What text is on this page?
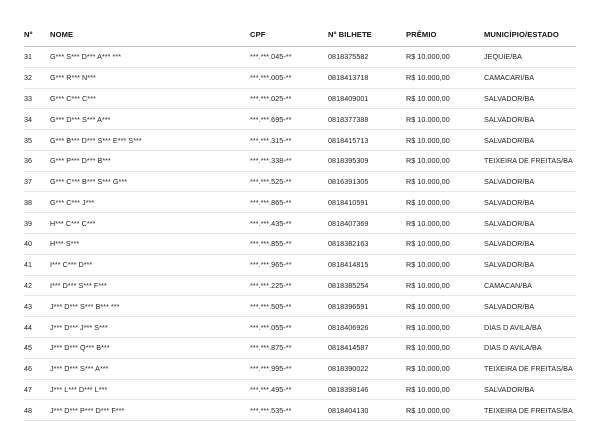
Nº	NOME	CPF	Nº BILHETE	PRÊMIO	MUNICÍPIO/ESTADO
31	G*** S*** D*** A*** ***	***.***.045-**	0818375582	R$ 10.000,00	JEQUIE/BA
32	G*** R*** N***	***.***.005-**	0818413718	R$ 10.000,00	CAMACARI/BA
33	G*** C*** C***	***.***.025-**	0818409001	R$ 10.000,00	SALVADOR/BA
34	G*** D*** S*** A***	***.***.695-**	0818377388	R$ 10.000,00	SALVADOR/BA
35	G*** B*** D*** S*** E*** S***	***.***.315-**	0818415713	R$ 10.000,00	SALVADOR/BA
36	G*** P*** D*** B***	***.***.338-**	0818395309	R$ 10.000,00	TEIXEIRA DE FREITAS/BA
37	G*** C*** B*** S*** G***	***.***.525-**	0816391305	R$ 10.000,00	SALVADOR/BA
38	G*** C*** J***	***.***.865-**	0818410591	R$ 10.000,00	SALVADOR/BA
39	H*** C*** C***	***.***.435-**	0818407369	R$ 10.000,00	SALVADOR/BA
40	H*** S***	***.***.855-**	0818382163	R$ 10.000,00	SALVADOR/BA
41	I*** C*** D***	***.***.965-**	0818414815	R$ 10.000,00	SALVADOR/BA
42	I*** D*** S*** F***	***.***.225-**	0818385254	R$ 10.000,00	CAMACAN/BA
43	J*** D*** S*** B*** ***	***.***.505-**	0818396591	R$ 10.000,00	SALVADOR/BA
44	J*** D*** J*** S***	***.***.055-**	0818406926	R$ 10.000,00	DIAS D AVILA/BA
45	J*** D*** Q*** B***	***.***.875-**	0818414587	R$ 10.000,00	DIAS D AVILA/BA
46	J*** D*** S*** A***	***.***.995-**	0818390022	R$ 10.000,00	TEIXEIRA DE FREITAS/BA
47	J*** L*** D*** L***	***.***.495-**	0818398146	R$ 10.000,00	SALVADOR/BA
48	J*** D*** P*** D*** F***	***.***.535-**	0818404130	R$ 10.000,00	TEIXEIRA DE FREITAS/BA
